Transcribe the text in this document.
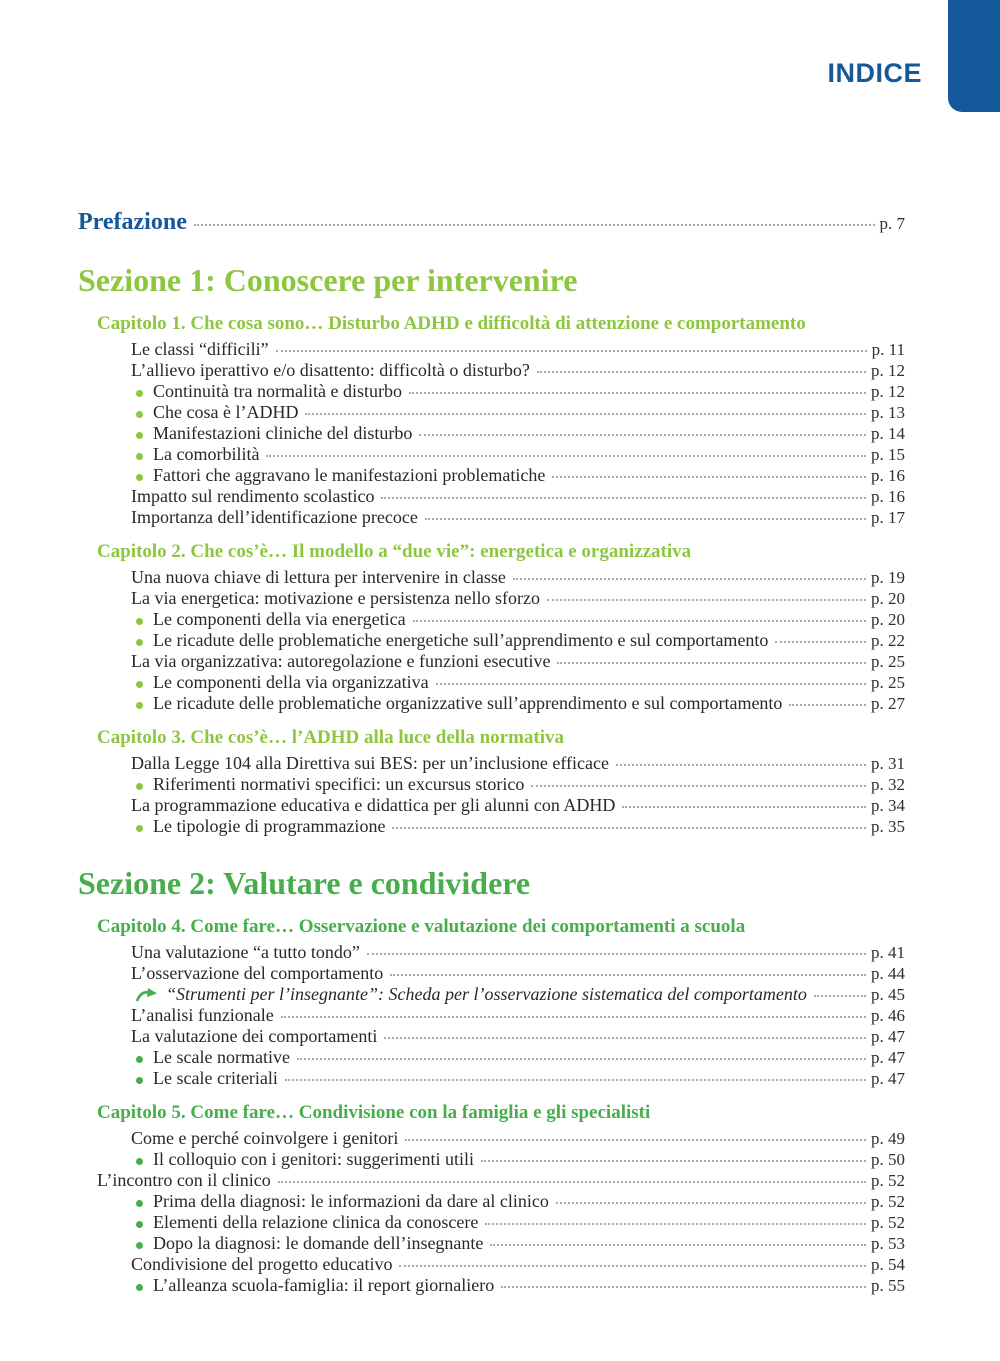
INDICE
Prefazione	p. 7
Sezione 1: Conoscere per intervenire
Capitolo 1. Che cosa sono… Disturbo ADHD e difficoltà di attenzione e comportamento
Le classi “difficili”	p. 11
L’allievo iperattivo e/o disattento: difficoltà o disturbo?	p. 12
Continuità tra normalità e disturbo	p. 12
Che cosa è l’ADHD	p. 13
Manifestazioni cliniche del disturbo	p. 14
La comorbilità	p. 15
Fattori che aggravano le manifestazioni problematiche	p. 16
Impatto sul rendimento scolastico	p. 16
Importanza dell’identificazione precoce	p. 17
Capitolo 2. Che cos’è… Il modello a “due vie”: energetica e organizzativa
Una nuova chiave di lettura per intervenire in classe	p. 19
La via energetica: motivazione e persistenza nello sforzo	p. 20
Le componenti della via energetica	p. 20
Le ricadute delle problematiche energetiche sull’apprendimento e sul comportamento	p. 22
La via organizzativa: autoregolazione e funzioni esecutive	p. 25
Le componenti della via organizzativa	p. 25
Le ricadute delle problematiche organizzative sull’apprendimento e sul comportamento	p. 27
Capitolo 3. Che cos’è… l’ADHD alla luce della normativa
Dalla Legge 104 alla Direttiva sui BES: per un’inclusione efficace	p. 31
Riferimenti normativi specifici: un excursus storico	p. 32
La programmazione educativa e didattica per gli alunni con ADHD	p. 34
Le tipologie di programmazione	p. 35
Sezione 2: Valutare e condividere
Capitolo 4. Come fare… Osservazione e valutazione dei comportamenti a scuola
Una valutazione “a tutto tondo”	p. 41
L’osservazione del comportamento	p. 44
“Strumenti per l’insegnante”: Scheda per l’osservazione sistematica del comportamento	p. 45
L’analisi funzionale	p. 46
La valutazione dei comportamenti	p. 47
Le scale normative	p. 47
Le scale criteriali	p. 47
Capitolo 5. Come fare… Condivisione con la famiglia e gli specialisti
Come e perché coinvolgere i genitori	p. 49
Il colloquio con i genitori: suggerimenti utili	p. 50
L’incontro con il clinico	p. 52
Prima della diagnosi: le informazioni da dare al clinico	p. 52
Elementi della relazione clinica da conoscere	p. 52
Dopo la diagnosi: le domande dell’insegnante	p. 53
Condivisione del progetto educativo	p. 54
L’alleanza scuola-famiglia: il report giornaliero	p. 55
